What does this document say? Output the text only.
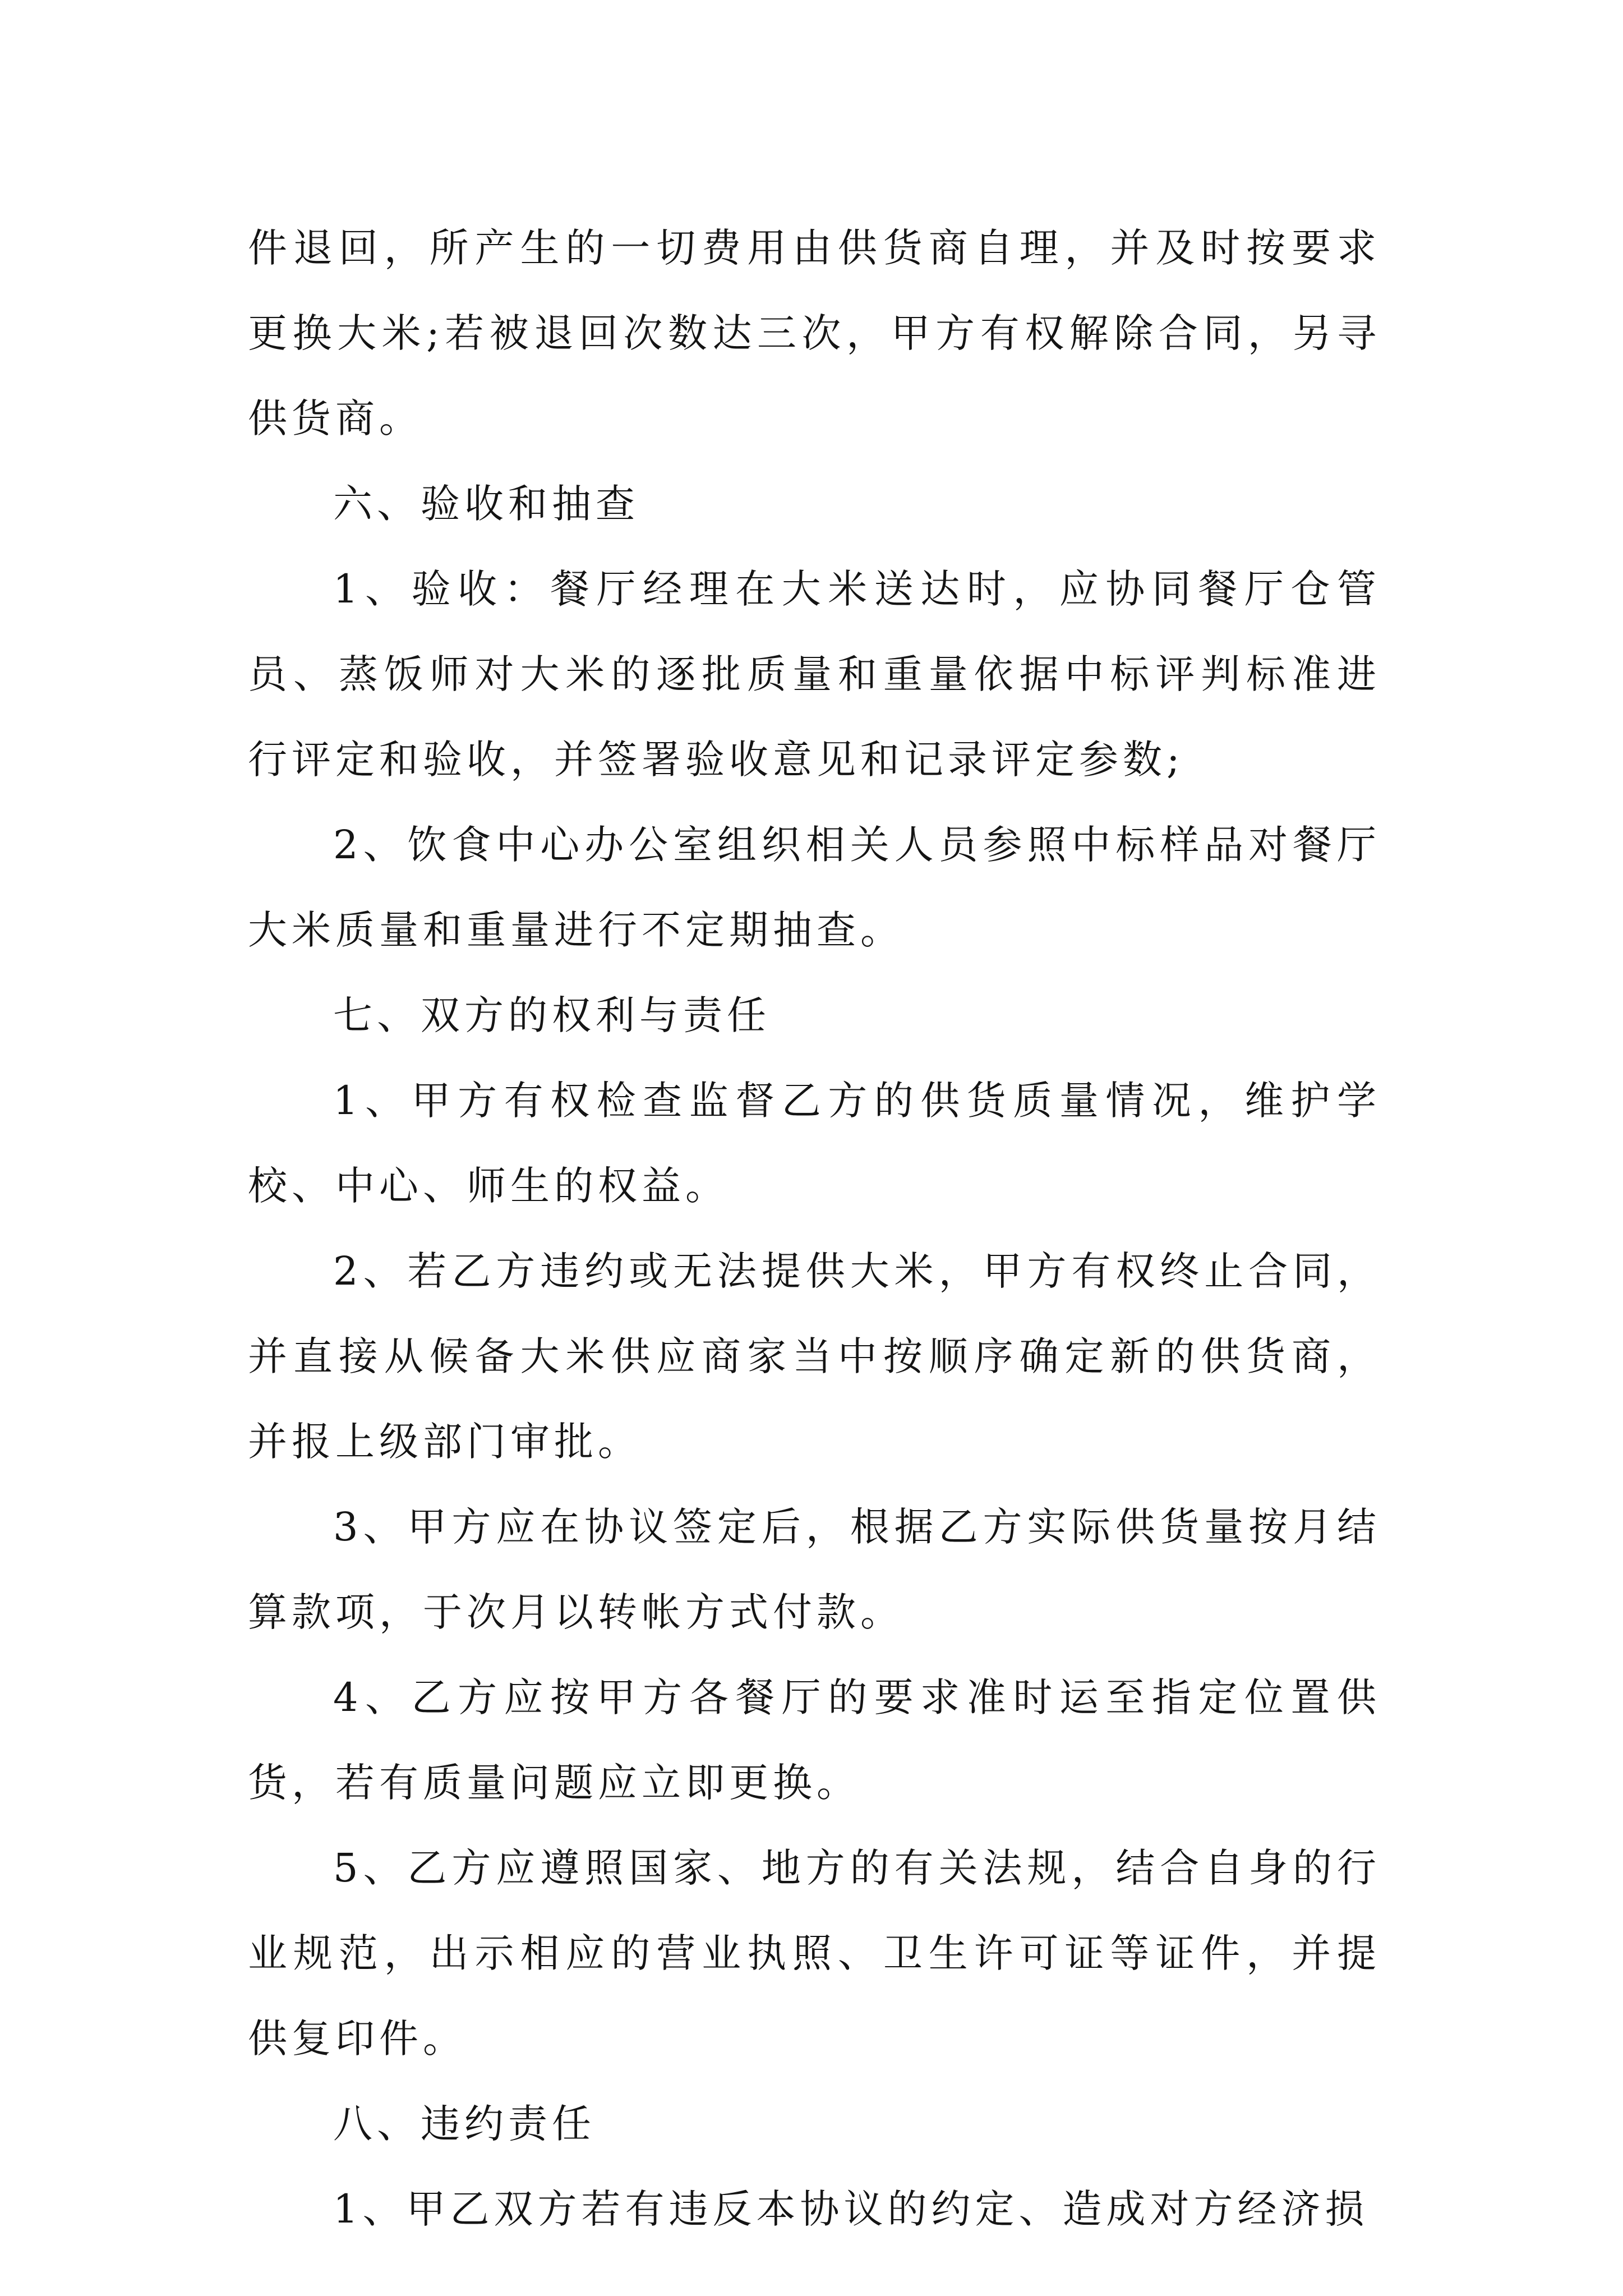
件退回，所产生的一切费用由供货商自理，并及时按要求更换大米;若被退回次数达三次，甲方有权解除合同，另寻供货商。

六、验收和抽查

1、验收：餐厅经理在大米送达时，应协同餐厅仓管员、蒸饭师对大米的逐批质量和重量依据中标评判标准进行评定和验收，并签署验收意见和记录评定参数;

2、饮食中心办公室组织相关人员参照中标样品对餐厅大米质量和重量进行不定期抽查。

七、双方的权利与责任

1、甲方有权检查监督乙方的供货质量情况，维护学校、中心、师生的权益。

2、若乙方违约或无法提供大米，甲方有权终止合同，并直接从候备大米供应商家当中按顺序确定新的供货商，并报上级部门审批。

3、甲方应在协议签定后，根据乙方实际供货量按月结算款项，于次月以转帐方式付款。

4、乙方应按甲方各餐厅的要求准时运至指定位置供货，若有质量问题应立即更换。

5、乙方应遵照国家、地方的有关法规，结合自身的行业规范，出示相应的营业执照、卫生许可证等证件，并提供复印件。

八、违约责任

1、甲乙双方若有违反本协议的约定、造成对方经济损
